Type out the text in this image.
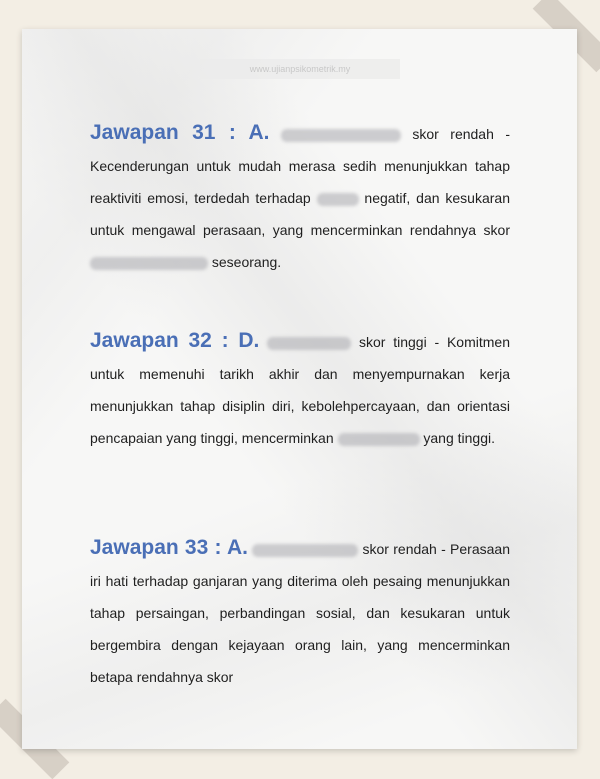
www.ujianpsikometrik.my
Jawapan 31 : A.	skor rendah - Kecenderungan untuk mudah merasa sedih menunjukkan tahap reaktiviti emosi, terdedah terhadap	negatif, dan kesukaran untuk mengawal perasaan, yang mencerminkan rendahnya skor  seseorang.
Jawapan 32 : D.	skor tinggi - Komitmen untuk memenuhi tarikh akhir dan menyempurnakan kerja menunjukkan tahap disiplin diri, kebolehpercayaan, dan orientasi pencapaian yang tinggi, mencerminkan	yang tinggi.
Jawapan 33 : A.	skor rendah - Perasaan iri hati terhadap ganjaran yang diterima oleh pesaing menunjukkan tahap persaingan, perbandingan sosial, dan kesukaran untuk bergembira dengan kejayaan orang lain, yang mencerminkan betapa rendahnya skor
